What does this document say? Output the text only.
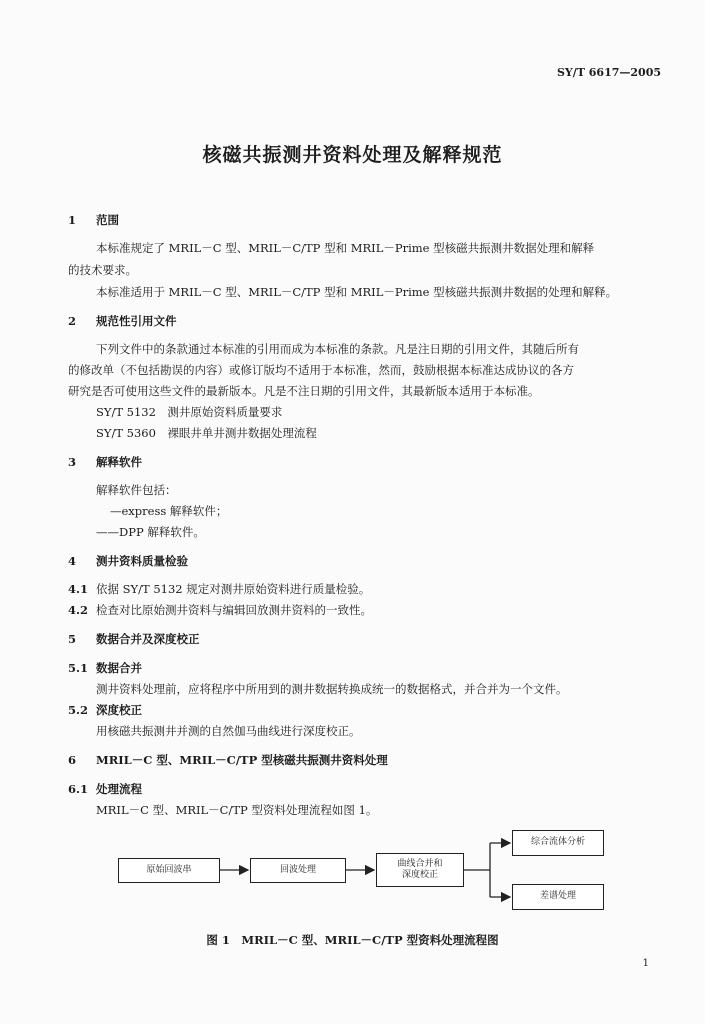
SY/T 6617—2005
核磁共振测井资料处理及解释规范
1 范围
本标准规定了 MRIL－C 型、MRIL－C/TP 型和 MRIL－Prime 型核磁共振测井数据处理和解释
的技术要求。
本标准适用于 MRIL－C 型、MRIL－C/TP 型和 MRIL－Prime 型核磁共振测井数据的处理和解释。
2 规范性引用文件
下列文件中的条款通过本标准的引用而成为本标准的条款。凡是注日期的引用文件，其随后所有
的修改单（不包括勘误的内容）或修订版均不适用于本标准，然而，鼓励根据本标准达成协议的各方
研究是否可使用这些文件的最新版本。凡是不注日期的引用文件，其最新版本适用于本标准。
SY/T 5132　测井原始资料质量要求
SY/T 5360　裸眼井单井测井数据处理流程
3 解释软件
解释软件包括：
—express 解释软件；
——DPP 解释软件。
4 测井资料质量检验
4.1 依据 SY/T 5132 规定对测井原始资料进行质量检验。
4.2 检查对比原始测井资料与编辑回放测井资料的一致性。
5 数据合并及深度校正
5.1 数据合并
测井资料处理前，应将程序中所用到的测井数据转换成统一的数据格式，并合并为一个文件。
5.2 深度校正
用核磁共振测井并测的自然伽马曲线进行深度校正。
6 MRIL－C 型、MRIL－C/TP 型核磁共振测井资料处理
6.1 处理流程
MRIL－C 型、MRIL－C/TP 型资料处理流程如图 1。
原始回波串	回波处理
曲线合并和
深度校正
综合流体分析
差谱处理
图 1　MRIL－C 型、MRIL－C/TP 型资料处理流程图
1
